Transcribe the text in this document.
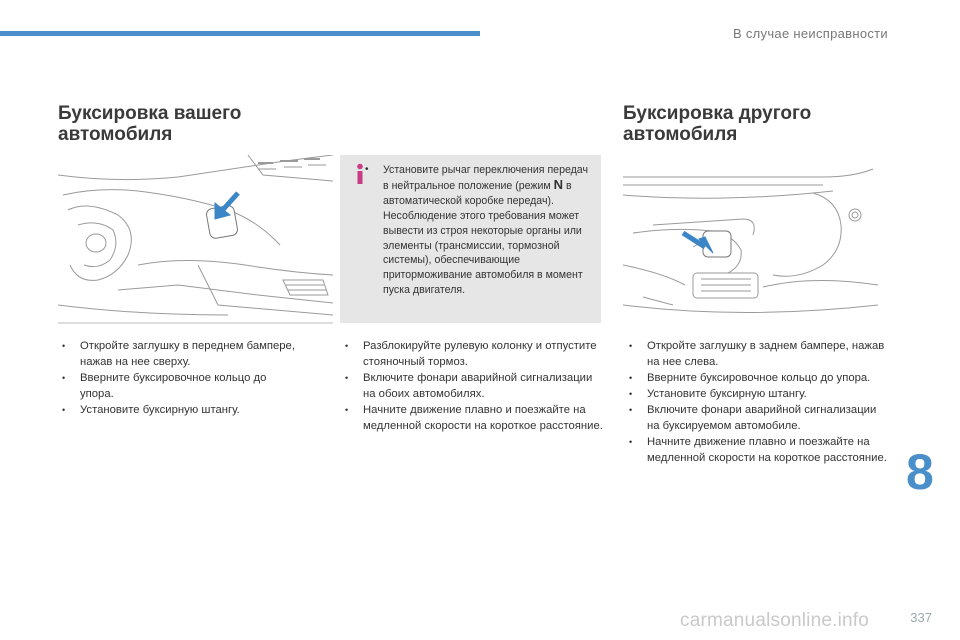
В случае неисправности
Буксировка вашего
автомобиля
Буксировка другого
автомобиля

• Установите рычаг переключения передач в нейтральное положение (режим N в автоматической коробке передач).

Несоблюдение этого требования может вывести из строя некоторые органы или элементы (трансмиссии, тормозной системы), обеспечивающие приторможивание автомобиля в момент пуска двигателя.

• Откройте заглушку в переднем бампере, нажав на нее сверху.
• Вверните буксировочное кольцо до упора.
• Установите буксирную штангу.
• Разблокируйте рулевую колонку и отпустите стояночный тормоз.
• Включите фонари аварийной сигнализации на обоих автомобилях.
• Начните движение плавно и поезжайте на медленной скорости на короткое расстояние.
• Откройте заглушку в заднем бампере, нажав на нее слева.
• Вверните буксировочное кольцо до упора.
• Установите буксирную штангу.
• Включите фонари аварийной сигнализации на буксируемом автомобиле.
• Начните движение плавно и поезжайте на медленной скорости на короткое расстояние. 8
carmanualsonline.info	337
